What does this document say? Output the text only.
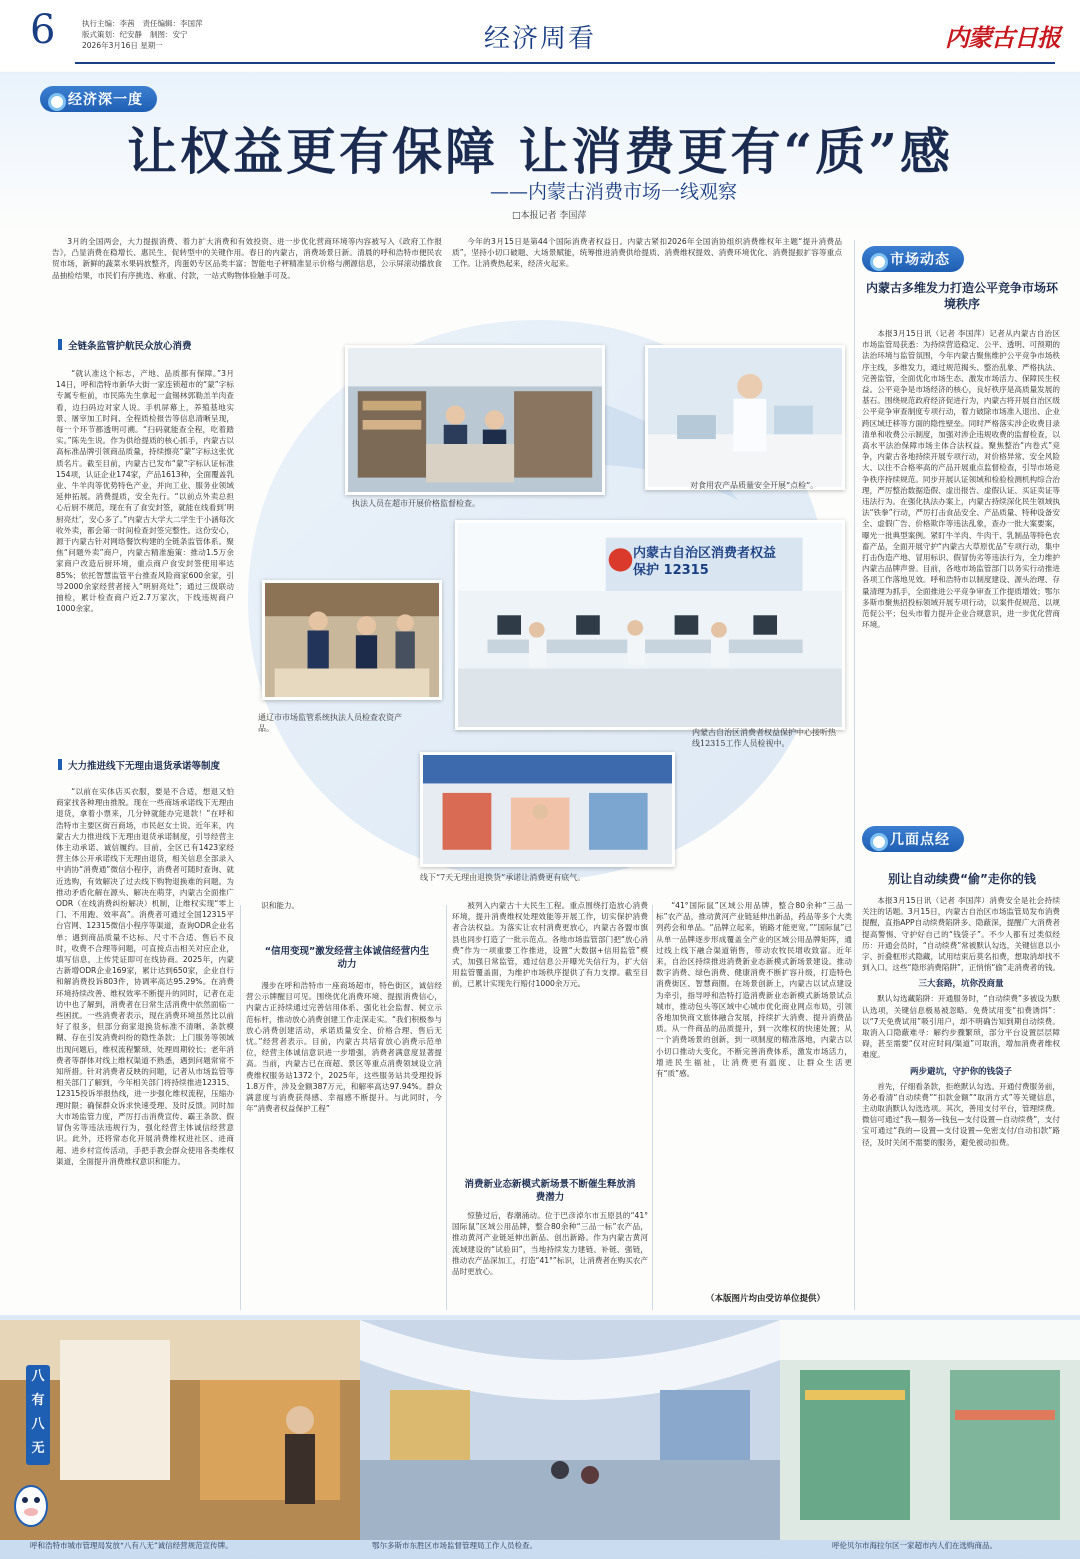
6	执行主编：李茜 责任编辑：李国萍
版式策划：纪安静 制图：安宁
2026年3月16日 星期一	经济周看	内蒙古日报
经济深一度
让权益更有保障 让消费更有“质”感
——内蒙古消费市场一线观察
□本报记者 李国萍

3月的全国两会，大力提振消费、着力扩大消费和有效投资、进一步优化营商环境等内容被写入《政府工作报告》，凸显消费在稳增长、惠民生、促转型中的关键作用。春日的内蒙古，消费场景日新。清晨的呼和浩特市便民农贸市场，新鲜的蔬菜水果码放整齐，肉蛋奶专区品类丰富；智能电子秤精准显示价格与溯源信息，公示屏滚动播放食品抽检结果，市民们有序挑选、称重、付款，一站式购物体验触手可及。

今年的3月15日是第44个国际消费者权益日。内蒙古紧扣2026年全国消协组织消费维权年主题“提升消费品质”，坚持小切口破题、大场景赋能，统筹推进消费供给提质、消费维权提效、消费环境优化、消费提振扩容等重点工作。让消费热起来，经济火起来。

内蒙古自治区消费者权益保护 12315
执法人员在超市开展价格监督检查。
对食用农产品质量安全开展“点检”。
通辽市市场监管系统执法人员检查农资产品。	内蒙古自治区消费者权益保护中心接听热线12315工作人员检视中。
线下“7天无理由退换货”承诺让消费更有底气。
全链条监管护航民众放心消费

“就认准这个标志，产地、品质都有保障。”3月14日，呼和浩特市新华大街一家连锁超市的“蒙”字标专属专柜前，市民陈先生拿起一盒锡林郭勒羔羊肉查看，边扫码边对家人说。手机屏幕上，养殖基地实景、屠宰加工时间、全程质检报告等信息清晰呈现，每一个环节都透明可溯。“扫码就能查全程，吃着踏实。”陈先生说。作为供给提质的核心抓手，内蒙古以高标准品牌引领商品质量，持续擦亮“蒙”字标这张优质名片。截至目前，内蒙古已发布“蒙”字标认证标准154项，认证企业174家，产品1613种，全面覆盖乳业、牛羊肉等优势特色产业，并向工业、服务业领域延伸拓展。消费提质，安全先行。“以前点外卖总担心后厨不规范，现在有了食安封签，就能在线看到‘明厨亮灶’，安心多了。”内蒙古大学大二学生于小涵每次收外卖，都会第一时间检查封签完整性。这份安心，源于内蒙古针对网络餐饮构建的全链条监管体系。聚焦“问题外卖”商户，内蒙古精准施策：推动1.5万余家商户改造后厨环境，重点商户食安封签使用率达85%；依托智慧监管平台推查风险商家600余家，引导2000余家经营者接入“明厨亮灶”；通过三级联动抽检，累计检查商户近2.7万家次，下线违规商户1000余家。

大力推进线下无理由退货承诺等制度

“以前在实体店买衣服，要是不合适，想退又怕商家找各种理由推脱。现在一些商场承诺线下无理由退货，拿着小票来，几分钟就能办完退款！”在呼和浩特市主要区街百商场，市民赵女士说。近年来，内蒙古大力推进线下无理由退货承诺制度，引导经营主体主动承诺、诚信履约。目前，全区已有1423家经营主体公开承诺线下无理由退货，相关信息全部录入中消协“消费通”微信小程序，消费者可随时查询、就近选购，有效解决了过去线下购物退换难的问题。为推动矛盾化解在源头、解决在萌芽，内蒙古全面推广ODR（在线消费纠纷解决）机制，让维权实现“零上门、不用跑、效率高”。消费者可通过全国12315平台官网、12315微信小程序等渠道，查询ODR企业名单；遇到商品质量不达标、尺寸不合适、售后不良时，收费不合理等问题，可直接点击相关对应企业，填写信息，上传凭证即可在线协商。2025年，内蒙古新增ODR企业169家，累计达到650家，企业自行和解消费投诉803件，协调率高达95.29%。在消费环境持续改善、维权效率不断提升的同时，记者在走访中也了解到，消费者在日常生活消费中依然面临一些困扰。一些消费者表示，现在消费环境虽然比以前好了很多，但部分商家退换货标准不清晰、条款模糊、存在引发消费纠纷的隐性条款；上门服务等领域出现问题后，维权流程繁琐、处理周期较长；老年消费者等群体对线上维权渠道不熟悉，遇到问题常常不知所措。针对消费者反映的问题，记者从市场监管等相关部门了解到，今年相关部门将持续推进12315、12315投诉举报热线，进一步强化维权流程，压缩办理时限；确保群众诉求快速受理、及时反馈。同时加大市场监管力度，严厉打击消费宣传、霸王条款、假冒伪劣等违法违规行为，强化经营主体诚信经营意识。此外，还将常态化开展消费维权进社区、进商超、进乡村宣传活动，手把手教会群众使用各类维权渠道，全面提升消费维权意识和能力。

市场动态
内蒙古多维发力打造公平竞争市场环境秩序

本报3月15日讯（记者 李国萍）记者从内蒙古自治区市场监管局获悉：为持续营造稳定、公平、透明、可预期的法治环境与监管氛围，今年内蒙古聚焦维护公平竞争市场秩序主线，多维发力，通过规范揭头、整治乱象、严格执法、完善监管，全面优化市场生态、激发市场活力、保障民生权益。公平竞争是市场经济的核心，良好秩序是高质量发展的基石。围绕规范政府经济促进行为，内蒙古将开展自治区级公平竞争审查制度专项行动，着力破除市场准入退出、企业跨区域迁移等方面的隐性壁垒。同时严格落实涉企收费目录清单和收费公示制度，加强对涉企违规收费的监督检查，以高水平法治保障市场主体合法权益。聚焦整治“内卷式”竞争，内蒙古各地持续开展专项行动，对价格异常、安全风险大、以往不合格率高的产品开展重点监督检查，引导市场竞争秩序持续规范。同步开展认证领域和检验检测机构综合治理，严厉整治数据造假、虚出报告、虚假认证、买证卖证等违法行为。在强化执法办案上，内蒙古持续深化民生领域执法“铁拳”行动，严厉打击食品安全、产品质量、特种设备安全、虚假广告、价格欺诈等违法乱象，查办一批大案要案，曝光一批典型案例。紧盯牛羊肉、牛肉干、乳制品等特色农畜产品，全面开展守护“内蒙古大草原优品”专项行动，集中打击伪造产地、冒用标识、假冒伪劣等违法行为，全力维护内蒙古品牌声誉。目前，各地市场监管部门以务实行动推进各项工作落地见效。呼和浩特市以制度建设、源头治理、存量清理为抓手，全面推进公平竞争审查工作提质增效；鄂尔多斯市聚焦招投标领域开展专项行动，以案件促规范、以规范促公平；包头市着力提升企业合规意识，进一步优化营商环境。

几面点经
别让自动续费“偷”走你的钱

本报3月15日讯（记者 李国萍）消费安全是社会持续关注的话题。3月15日，内蒙古自治区市场监管局发布消费提醒，直指APP自动续费陷阱多、隐蔽深，提醒广大消费者提高警惕、守护好自己的“钱袋子”。不少人都有过类似经历：开通会员时，“自动续费”常被默认勾选，关键信息以小字、折叠框形式隐藏，试用结束后莫名扣费，想取消却找不到入口。这些“隐形消费陷阱”，正悄悄“偷”走消费者的钱。

三大套路，坑你没商量

默认勾选藏陷阱：开通服务时，“自动续费”多被设为默认选项，关键信息极易被忽略。免费试用变“扣费诱饵”：以“7天免费试用”吸引用户，却不明确告知到期自动续费。取消入口隐蔽难寻：解约步骤繁琐，部分平台设置层层障碍，甚至需要“仅对应时间/渠道”可取消，增加消费者维权难度。

两步避坑，守护你的钱袋子

首先，仔细看条款，拒绝默认勾选。开通付费服务前，务必看清“自动续费”“扣款金额”“取消方式”等关键信息，主动取消默认勾选选项。其次，善用支付平台，管理续费。微信可通过“我—服务—钱包—支付设置—自动续费”，支付宝可通过“我的—设置—支付设置—免密支付/自动扣款”路径，及时关闭不需要的服务，避免被动扣费。

识和能力。

“信用变现”激发经营主体诚信经营内生动力

漫步在呼和浩特市一座商场超市，特色街区，诚信经营公示牌醒目可见。围绕优化消费环境、提振消费信心，内蒙古正持续通过完善信用体系、强化社会监督、树立示范标杆，推动放心消费创建工作走深走实。“我们积极参与放心消费创建活动，承诺质量安全、价格合理、售后无忧。”经营者表示。目前，内蒙古共培育放心消费示范单位，经营主体诚信意识进一步增强，消费者满意度显著提高。当前，内蒙古已在商超、景区等重点消费领域设立消费维权服务站1372个，2025年，这些服务站共受理投诉1.8万件，涉及金额387万元，和解率高达97.94%。群众满意度与消费获得感、幸福感不断提升。与此同时，今年“消费者权益保护工程”

被列入内蒙古十大民生工程。重点围绕打造放心消费环境，提升消费维权处理效能等开展工作，切实保护消费者合法权益。为落实让农村消费更放心，内蒙古各盟市旗县也同步打造了一批示范点。各地市场监管部门把“放心消费”作为一项重要工作推进，设置“大数据+信用监管”模式，加强日常监管，通过信息公开曝光失信行为，扩大信用监管覆盖面，为维护市场秩序提供了有力支撑。截至目前，已累计实现先行赔付1000余万元。

消费新业态新模式新场景不断催生释放消费潜力

惊蛰过后，春潮涌动。位于巴彦淖尔市五原县的“41°国际鼠”区域公用品牌，整合80余种“三品一标”农产品，推动黄河产业链延伸出新品、创出新路。作为内蒙古黄河流域建设的“试验田”，当地持续发力建链、补链、强链，推动农产品深加工，打造“41°”标识，让消费者在购买农产品时更放心。

“41°国际鼠”区域公用品牌，整合80余种“三品一标”农产品，推动黄河产业链延伸出新品，药品等多个大类列药会和单品。“品牌立起来，销路才能更宽。”“国际鼠”已从单一品牌逐步形成覆盖全产业的区域公用品牌矩阵，通过线上线下融合渠道销售，带动农牧民增收致富。近年来，自治区持续推进消费新业态新模式新场景建设。推动数字消费、绿色消费、健康消费不断扩容升级，打造特色消费街区、智慧商圈。在场景创新上，内蒙古以试点建设为牵引，指导呼和浩特打造消费新业态新模式新场景试点城市，推动包头等区域中心城市优化商业网点布局，引领各地加快商文旅体融合发展，持续扩大消费、提升消费品质。从一件商品的品质提升，到一次维权的快速处置；从一个消费场景的创新，到一项制度的精准落地，内蒙古以小切口推动大变化，不断完善消费体系，激发市场活力，增进民生福祉，让消费更有温度、让群众生活更有“质”感。

（本版图片均由受访单位提供）
八有八无
呼和浩特市城市管理局发放“八有八无”诚信经营规范宣传牌。	鄂尔多斯市东胜区市场监督管理局工作人员检查。	呼伦贝尔市海拉尔区一家超市内人们在选购商品。
